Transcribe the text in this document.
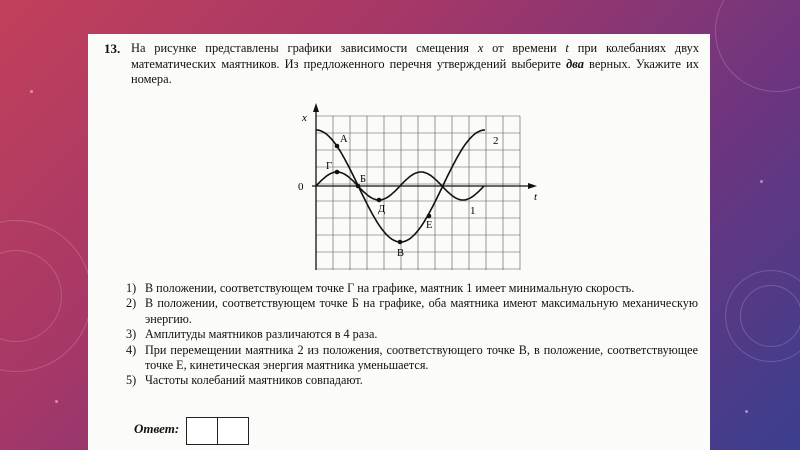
13. На рисунке представлены графики зависимости смещения x от времени t при колебаниях двух математических маятников. Из предложенного перечня утверждений выберите два верных. Укажите их номера.
x
t
0
1
2
А
Г
Б
Д
Е
В
1) В положении, соответствующем точке Г на графике, маятник 1 имеет минимальную скорость.
2) В положении, соответствующем точке Б на графике, оба маятника имеют максимальную механическую энергию.
3) Амплитуды маятников различаются в 4 раза.
4) При перемещении маятника 2 из положения, соответствующего точке В, в положение, соответствующее точке Е, кинетическая энергия маятника уменьшается.
5) Частоты колебаний маятников совпадают.
Ответ:
